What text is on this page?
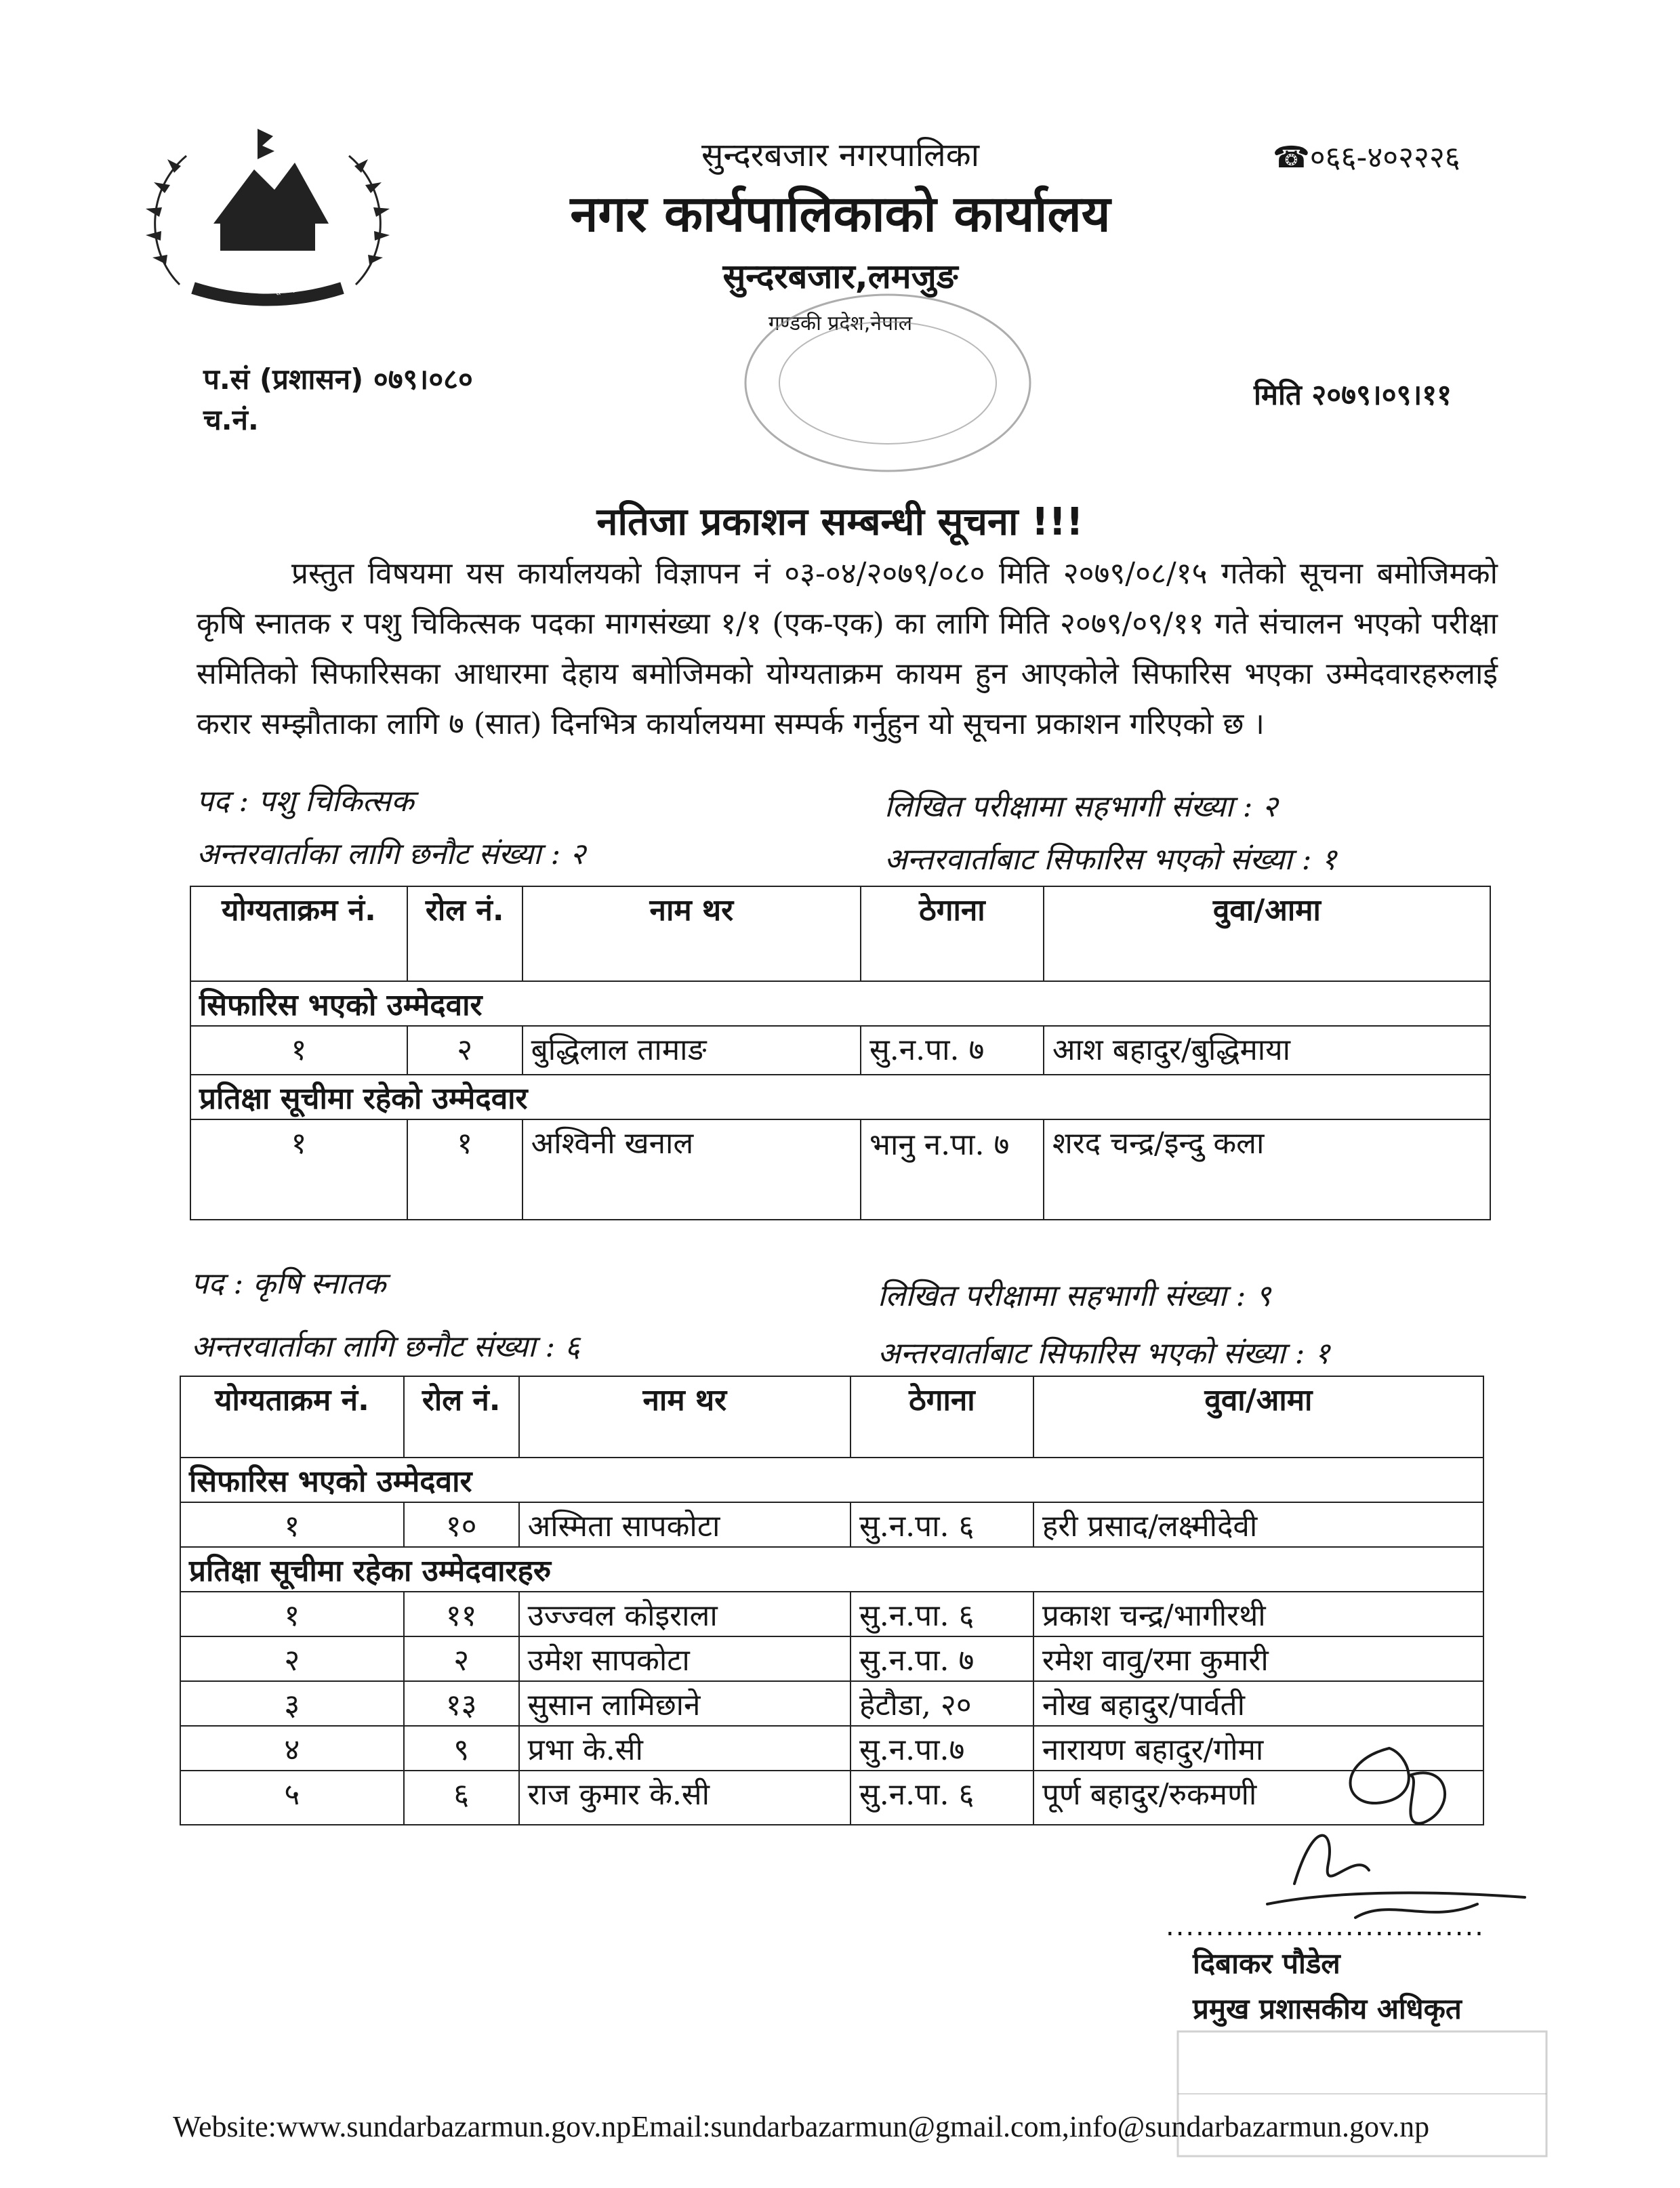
जननी जन्मभूमिश्च
सुन्दरबजार नगरपालिका
नगर कार्यपालिकाको कार्यालय
सुन्दरबजार,लमजुङ
गण्डकी प्रदेश,नेपाल
☎०६६-४०२२२६
प.सं (प्रशासन) ०७९।०८०
च.नं.
मिति २०७९।०९।११
नतिजा प्रकाशन सम्बन्धी सूचना !!!
प्रस्तुत विषयमा यस कार्यालयको विज्ञापन नं ०३-०४/२०७९/०८० मिति २०७९/०८/१५ गतेको सूचना बमोजिमको कृषि स्नातक र पशु चिकित्सक पदका मागसंख्या १/१ (एक-एक) का लागि मिति २०७९/०९/११ गते संचालन भएको परीक्षा समितिको सिफारिसका आधारमा देहाय बमोजिमको योग्यताक्रम कायम हुन आएकोले सिफारिस भएका उम्मेदवारहरुलाई करार सम्झौताका लागि ७ (सात) दिनभित्र कार्यालयमा सम्पर्क गर्नुहुन यो सूचना प्रकाशन गरिएको छ ।
पद : पशु चिकित्सक	लिखित परीक्षामा सहभागी संख्या : २
अन्तरवार्ताका लागि छनौट संख्या : २	अन्तरवार्ताबाट सिफारिस भएको संख्या : १
योग्यताक्रम नं.	रोल नं.	नाम थर	ठेगाना	वुवा/आमा
सिफारिस भएको उम्मेदवार				
१	२	बुद्धिलाल तामाङ	सु.न.पा. ७	आश बहादुर/बुद्धिमाया
प्रतिक्षा सूचीमा रहेको उम्मेदवार				
१	१	अश्विनी खनाल	भानु न.पा. ७	शरद चन्द्र/इन्दु कला
पद : कृषि स्नातक	लिखित परीक्षामा सहभागी संख्या : ९
अन्तरवार्ताका लागि छनौट संख्या : ६	अन्तरवार्ताबाट सिफारिस भएको संख्या : १
योग्यताक्रम नं.	रोल नं.	नाम थर	ठेगाना	वुवा/आमा
सिफारिस भएको उम्मेदवार				
१	१०	अस्मिता सापकोटा	सु.न.पा. ६	हरी प्रसाद/लक्ष्मीदेवी
प्रतिक्षा सूचीमा रहेका उम्मेदवारहरु				
१	११	उज्ज्वल कोइराला	सु.न.पा. ६	प्रकाश चन्द्र/भागीरथी
२	२	उमेश सापकोटा	सु.न.पा. ७	रमेश वावु/रमा कुमारी
३	१३	सुसान लामिछाने	हेटौडा, २०	नोख बहादुर/पार्वती
४	९	प्रभा के.सी	सु.न.पा.७	नारायण बहादुर/गोमा
५	६	राज कुमार के.सी	सु.न.पा. ६	पूर्ण बहादुर/रुकमणी
................................
दिबाकर पौडेल
प्रमुख प्रशासकीय अधिकृत
Website:www.sundarbazarmun.gov.npEmail:sundarbazarmun@gmail.com,info@sundarbazarmun.gov.np
